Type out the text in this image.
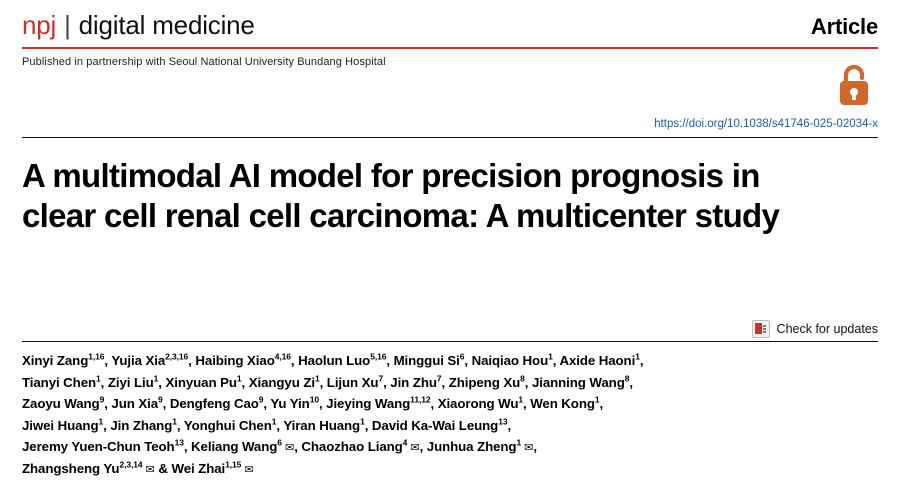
npj | digital medicine	Article
Published in partnership with Seoul National University Bundang Hospital
https://doi.org/10.1038/s41746-025-02034-x
A multimodal AI model for precision prognosis in clear cell renal cell carcinoma: A multicenter study
Check for updates
Xinyi Zang$^{1,16}$, Yujia Xia$^{2,3,16}$, Haibing Xiao$^{4,16}$, Haolun Luo$^{5,16}$, Minggui Si$^6$, Naiqiao Hou$^1$, Axide Haoni$^1$,
Tianyi Chen$^1$, Ziyi Liu$^1$, Xinyuan Pu$^1$, Xiangyu Zi$^1$, Lijun Xu$^7$, Jin Zhu$^7$, Zhipeng Xu$^8$, Jianning Wang$^8$,
Zaoyu Wang$^9$, Jun Xia$^9$, Dengfeng Cao$^9$, Yu Yin$^{10}$, Jieying Wang$^{11,12}$, Xiaorong Wu$^1$, Wen Kong$^1$,
Jiwei Huang$^1$, Jin Zhang$^1$, Yonghui Chen$^1$, Yiran Huang$^1$, David Ka-Wai Leung$^{13}$,
Jeremy Yuen-Chun Teoh$^{13}$, Keliang Wang$^6$ ✉, Chaozhao Liang$^4$ ✉, Junhua Zheng$^1$ ✉,
Zhangsheng Yu$^{2,3,14}$ ✉ & Wei Zhai$^{1,15}$ ✉
